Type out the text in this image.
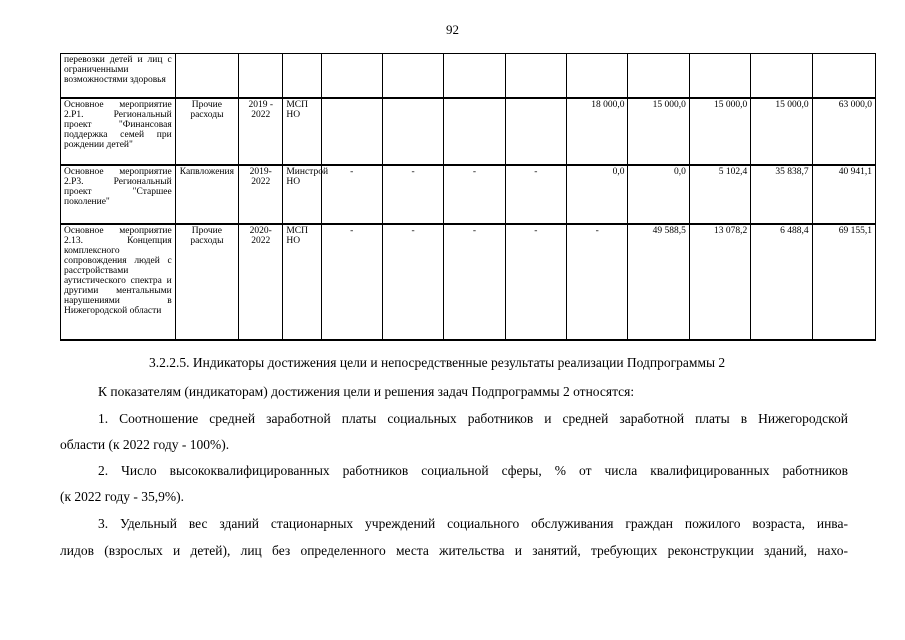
92
перевозки детей и лиц с ограниченными возможностями здоровья												
Основное мероприятие 2.P1. Региональный проект "Финансовая поддержка семей при рождении детей"	Прочие расходы	2019 - 2022	МСП НО					18 000,0	15 000,0	15 000,0	15 000,0	63 000,0
Основное мероприятие 2.P3. Региональный проект "Старшее поколение"	Капвложения	2019-2022	Минстрой НО	-	-	-	-	0,0	0,0	5 102,4	35 838,7	40 941,1
Основное мероприятие 2.13. Концепция комплексного сопровождения людей с расстройствами аутистического спектра и другими ментальными нарушениями в Нижегородской области	Прочие расходы	2020-2022	МСП НО	-	-	-	-	-	49 588,5	13 078,2	6 488,4	69 155,1
3.2.2.5. Индикаторы достижения цели и непосредственные результаты реализации Подпрограммы 2
К показателям (индикаторам) достижения цели и решения задач Подпрограммы 2 относятся:
1. Соотношение средней заработной платы социальных работников и средней заработной платы в Нижегородской
области (к 2022 году - 100%).
2. Число высококвалифицированных работников социальной сферы, % от числа квалифицированных работников
(к 2022 году - 35,9%).
3. Удельный вес зданий стационарных учреждений социального обслуживания граждан пожилого возраста, инва-
лидов (взрослых и детей), лиц без определенного места жительства и занятий, требующих реконструкции зданий, нахо-
